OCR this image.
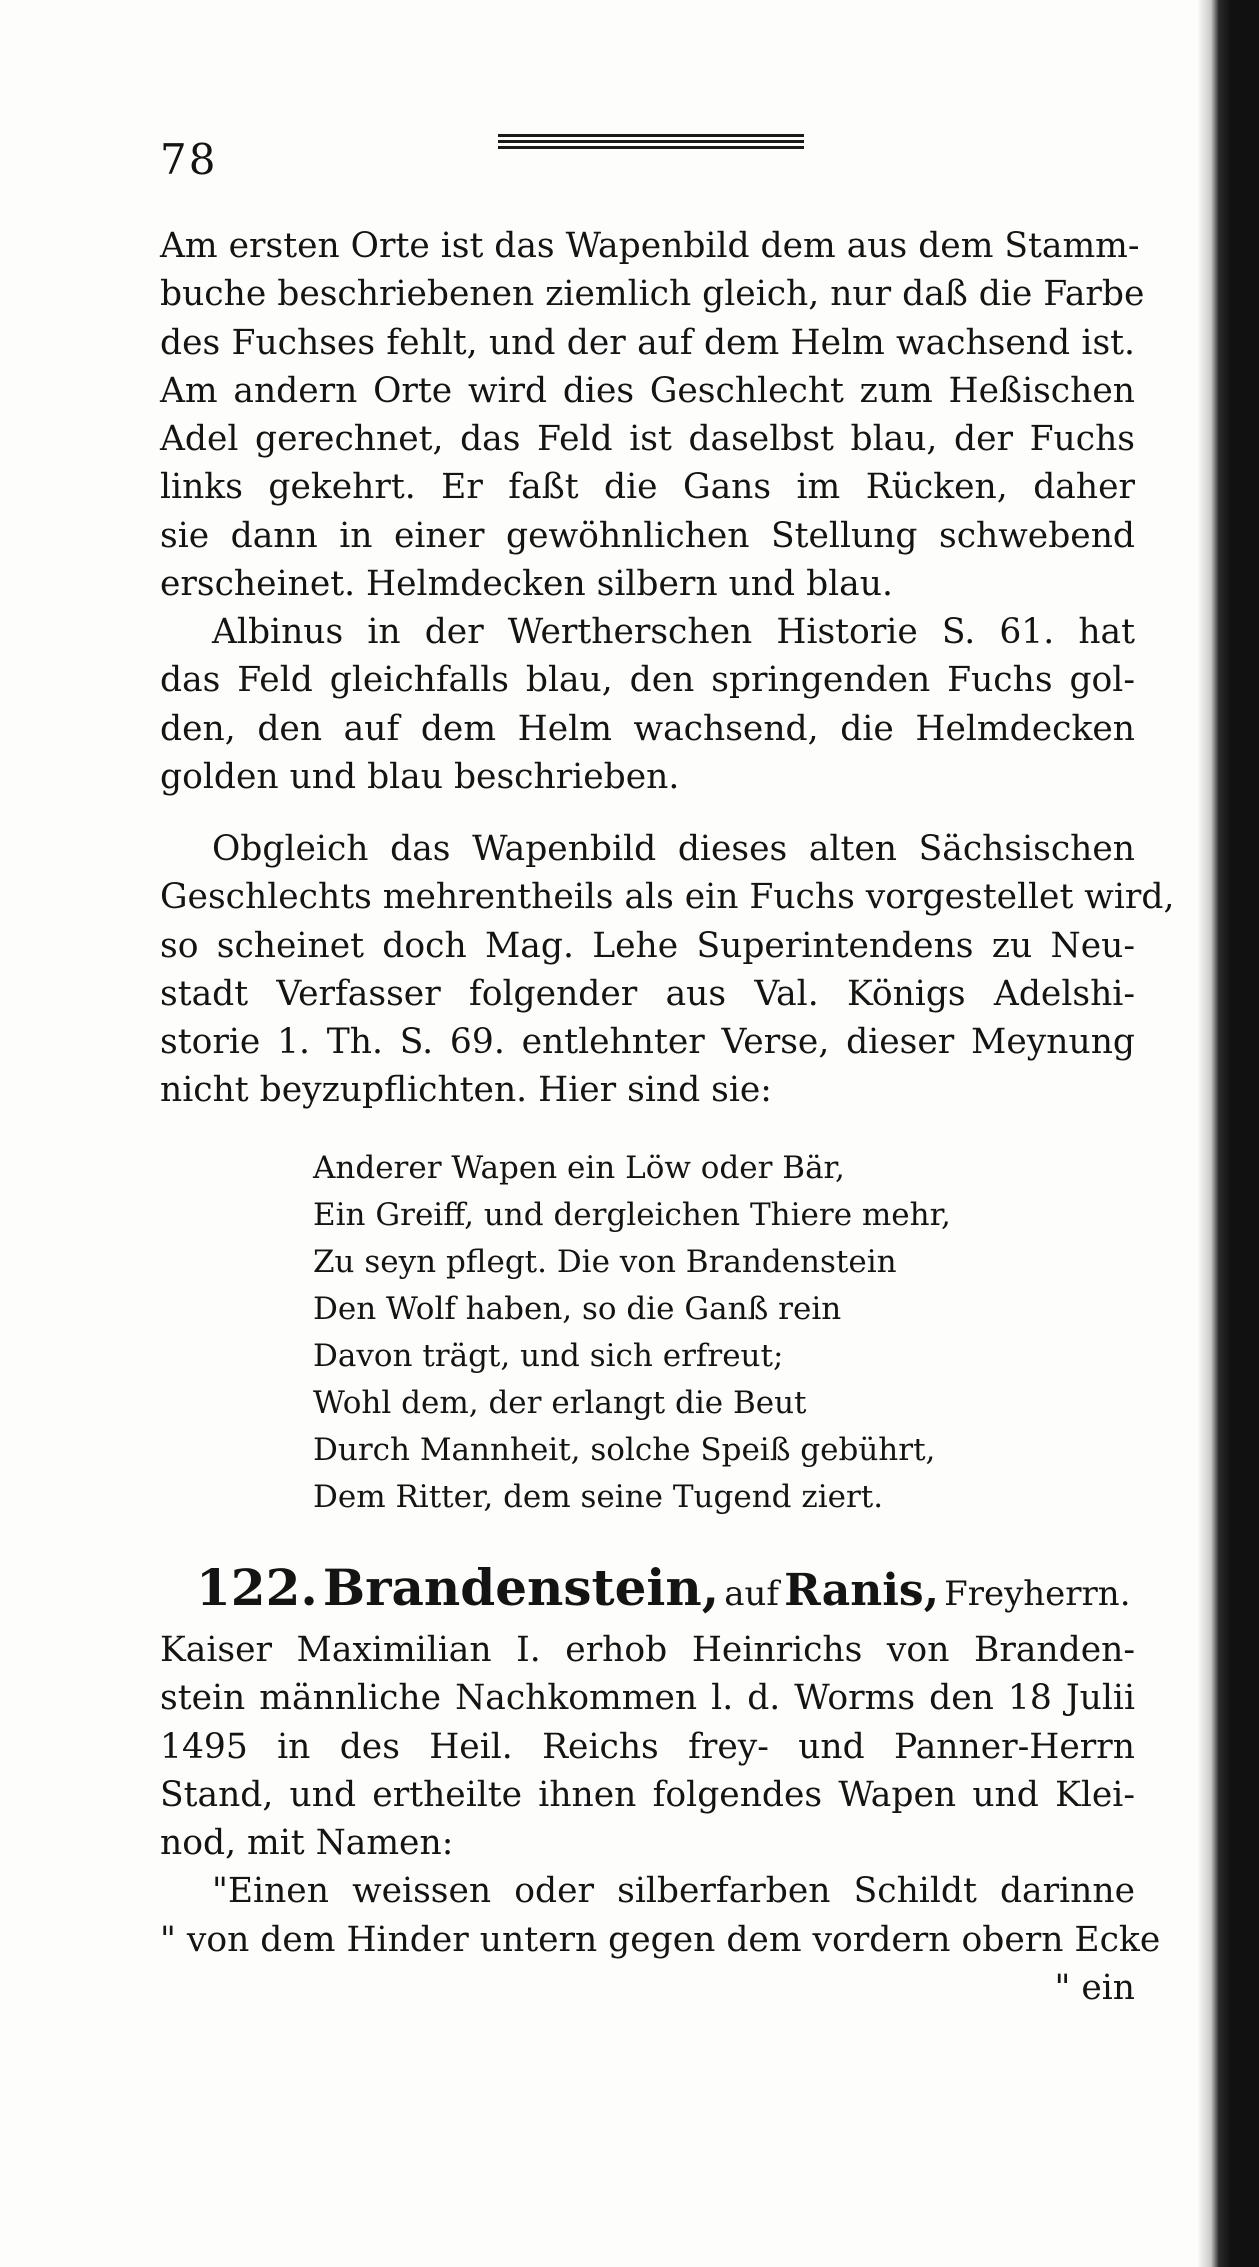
78
Am ersten Orte ist das Wapenbild dem aus dem Stamm-
buche beschriebenen ziemlich gleich, nur daß die Farbe
des Fuchses fehlt, und der auf dem Helm wachsend ist.
Am andern Orte wird dies Geschlecht zum Heßischen
Adel gerechnet, das Feld ist daselbst blau, der Fuchs
links gekehrt. Er faßt die Gans im Rücken, daher
sie dann in einer gewöhnlichen Stellung schwebend
erscheinet. Helmdecken silbern und blau.
Albinus in der Wertherschen Historie S. 61. hat
das Feld gleichfalls blau, den springenden Fuchs gol-
den, den auf dem Helm wachsend, die Helmdecken
golden und blau beschrieben.
Obgleich das Wapenbild dieses alten Sächsischen
Geschlechts mehrentheils als ein Fuchs vorgestellet wird,
so scheinet doch Mag. Lehe Superintendens zu Neu-
stadt Verfasser folgender aus Val. Königs Adelshi-
storie 1. Th. S. 69. entlehnter Verse, dieser Meynung
nicht beyzupflichten. Hier sind sie:
Anderer Wapen ein Löw oder Bär,
Ein Greiff, und dergleichen Thiere mehr,
Zu seyn pflegt. Die von Brandenstein
Den Wolf haben, so die Ganß rein
Davon trägt, und sich erfreut;
Wohl dem, der erlangt die Beut
Durch Mannheit, solche Speiß gebührt,
Dem Ritter, dem seine Tugend ziert.
122. Brandenstein, auf Ranis, Freyherrn.
Kaiser Maximilian I. erhob Heinrichs von Branden-
stein männliche Nachkommen l. d. Worms den 18 Julii
1495 in des Heil. Reichs frey- und Panner-Herrn
Stand, und ertheilte ihnen folgendes Wapen und Klei-
nod, mit Namen:
"Einen weissen oder silberfarben Schildt darinne
" von dem Hinder untern gegen dem vordern obern Ecke
" ein
